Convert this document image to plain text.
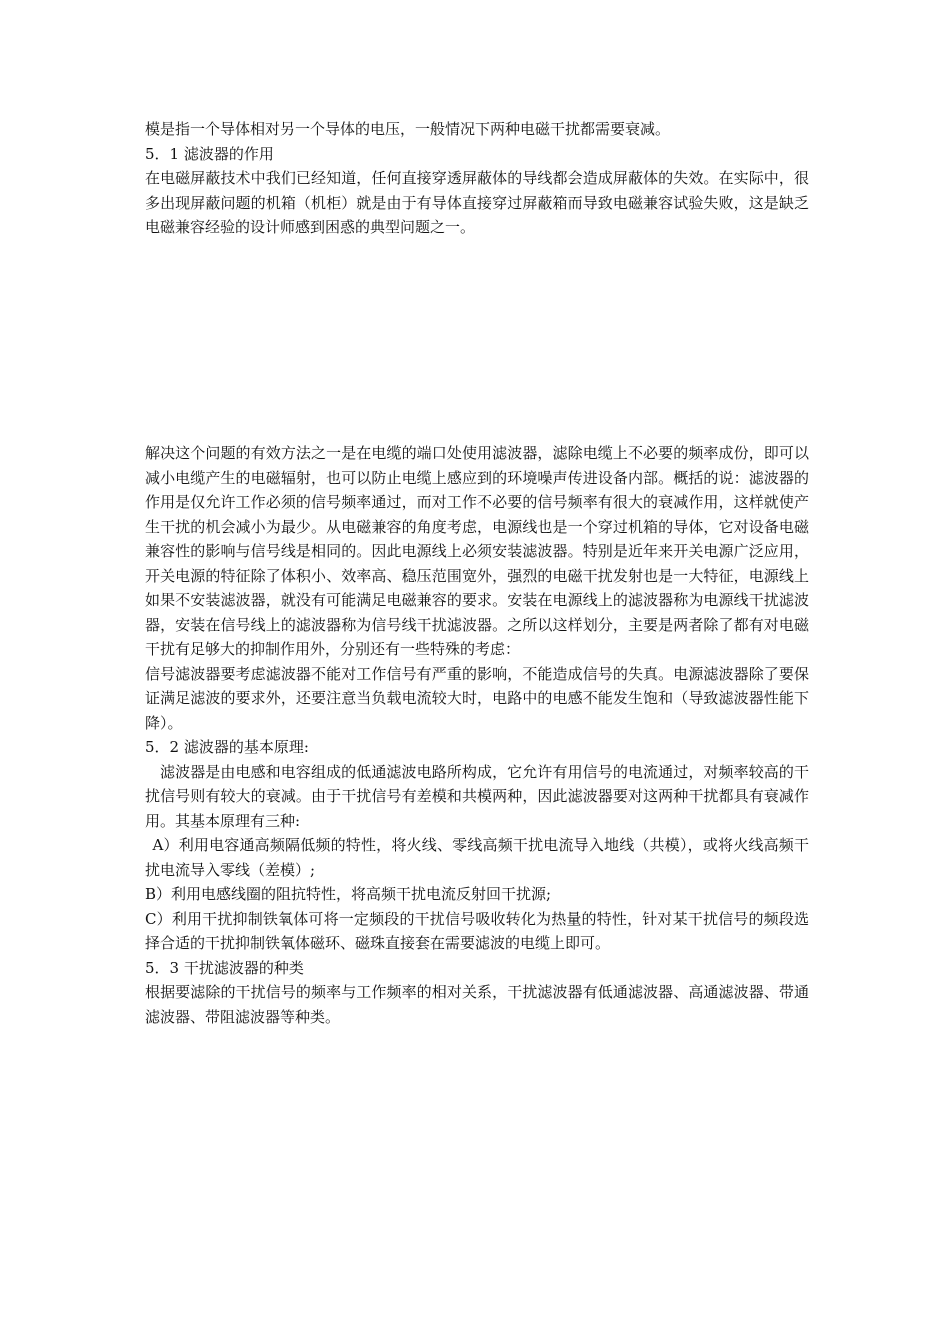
模是指一个导体相对另一个导体的电压，一般情况下两种电磁干扰都需要衰减。

5．1 滤波器的作用

在电磁屏蔽技术中我们已经知道，任何直接穿透屏蔽体的导线都会造成屏蔽体的失效。在实际中，很多出现屏蔽问题的机箱（机柜）就是由于有导体直接穿过屏蔽箱而导致电磁兼容试验失败，这是缺乏电磁兼容经验的设计师感到困惑的典型问题之一。

解决这个问题的有效方法之一是在电缆的端口处使用滤波器，滤除电缆上不必要的频率成份，即可以减小电缆产生的电磁辐射，也可以防止电缆上感应到的环境噪声传进设备内部。概括的说：滤波器的作用是仅允许工作必须的信号频率通过，而对工作不必要的信号频率有很大的衰减作用，这样就使产生干扰的机会减小为最少。从电磁兼容的角度考虑，电源线也是一个穿过机箱的导体，它对设备电磁兼容性的影响与信号线是相同的。因此电源线上必须安装滤波器。特别是近年来开关电源广泛应用，开关电源的特征除了体积小、效率高、稳压范围宽外，强烈的电磁干扰发射也是一大特征，电源线上如果不安装滤波器，就没有可能满足电磁兼容的要求。安装在电源线上的滤波器称为电源线干扰滤波器，安装在信号线上的滤波器称为信号线干扰滤波器。之所以这样划分，主要是两者除了都有对电磁干扰有足够大的抑制作用外，分别还有一些特殊的考虑：

信号滤波器要考虑滤波器不能对工作信号有严重的影响，不能造成信号的失真。电源滤波器除了要保证满足滤波的要求外，还要注意当负载电流较大时，电路中的电感不能发生饱和（导致滤波器性能下降）。

5．2 滤波器的基本原理:

滤波器是由电感和电容组成的低通滤波电路所构成，它允许有用信号的电流通过，对频率较高的干扰信号则有较大的衰减。由于干扰信号有差模和共模两种，因此滤波器要对这两种干扰都具有衰减作用。其基本原理有三种:

A）利用电容通高频隔低频的特性，将火线、零线高频干扰电流导入地线（共模），或将火线高频干扰电流导入零线（差模）;

B）利用电感线圈的阻抗特性，将高频干扰电流反射回干扰源;

C）利用干扰抑制铁氧体可将一定频段的干扰信号吸收转化为热量的特性，针对某干扰信号的频段选择合适的干扰抑制铁氧体磁环、磁珠直接套在需要滤波的电缆上即可。

5．3 干扰滤波器的种类

根据要滤除的干扰信号的频率与工作频率的相对关系，干扰滤波器有低通滤波器、高通滤波器、带通滤波器、带阻滤波器等种类。
